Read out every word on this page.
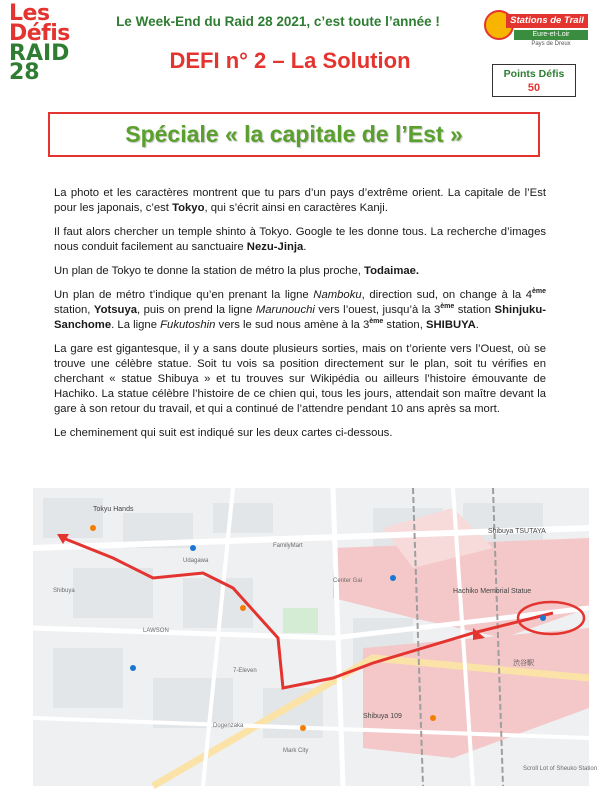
Les
Défis
RAID
28
Le Week-End du Raid 28 2021, c’est toute l’année !	Stations de Trail
Eure-et-Loir
Pays de Dreux
DEFI n° 2 – La Solution
Points Défis
50
Spéciale « la capitale de l’Est »

La photo et les caractères montrent que tu pars d’un pays d’extrême orient. La capitale de l’Est pour les japonais, c’est Tokyo, qui s’écrit ainsi en caractères Kanji.

Il faut alors chercher un temple shinto à Tokyo. Google te les donne tous. La recherche d’images nous conduit facilement au sanctuaire Nezu-Jinja.

Un plan de Tokyo te donne la station de métro la plus proche, Todaimae.

Un plan de métro t’indique qu’en prenant la ligne Namboku, direction sud, on change à la 4ème station, Yotsuya, puis on prend la ligne Marunouchi vers l’ouest, jusqu’à la 3ème station Shinjuku-Sanchome. La ligne Fukutoshin vers le sud nous amène à la 3ème station, SHIBUYA.

La gare est gigantesque, il y a sans doute plusieurs sorties, mais on t’oriente vers l’Ouest, où se trouve une célèbre statue. Soit tu vois sa position directement sur le plan, soit tu vérifies en cherchant « statue Shibuya » et tu trouves sur Wikipédia ou ailleurs l’histoire émouvante de Hachiko. La statue célèbre l’histoire de ce chien qui, tous les jours, attendait son maître devant la gare à son retour du travail, et qui a continué de l’attendre pendant 10 ans après sa mort.

Le cheminement qui suit est indiqué sur les deux cartes ci-dessous.

Tokyu Hands
Udagawa
Hachiko Memorial Statue
Shibuya 109
FamilyMart
LAWSON
7-Eleven
Shibuya TSUTAYA
Mark City
Dogenzaka
Center Gai
渋谷駅
Shibuya
Scroll Lot of Sheuko Station
